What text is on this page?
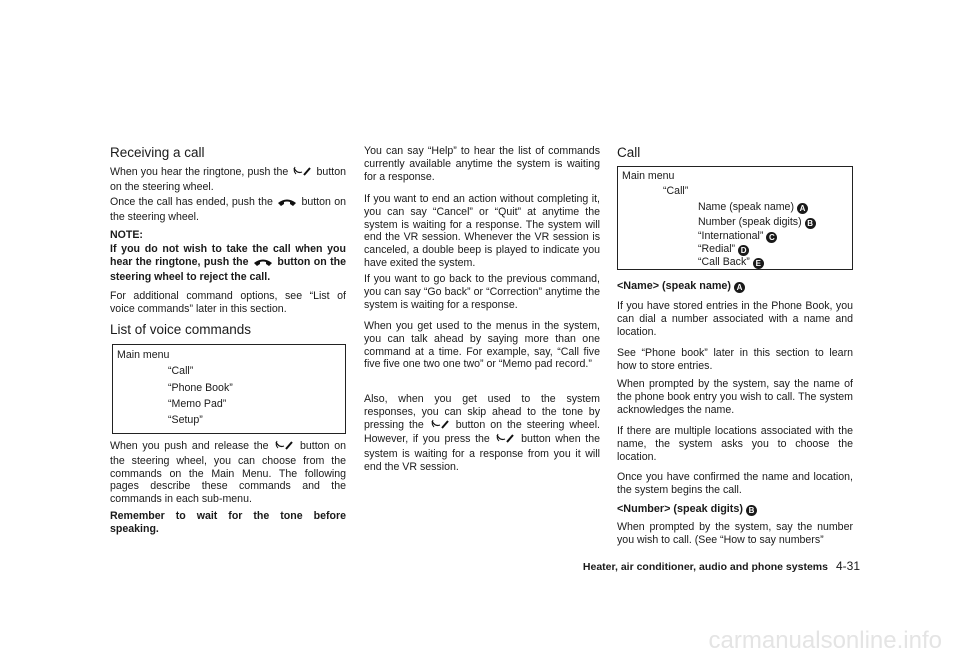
Receiving a call

When you hear the ringtone, push the	button on the steering wheel.

Once the call has ended, push the	button on the steering wheel.

NOTE:

If you do not wish to take the call when you hear the ringtone, push the	button on the steering wheel to reject the call.

For additional command options, see “List of voice commands” later in this section.

List of voice commands
Main menu
“Call”
“Phone Book”
“Memo Pad”
“Setup”

When you push and release the	button on the steering wheel, you can choose from the commands on the Main Menu. The following pages describe these commands and the commands in each sub-menu.

Remember to wait for the tone before speaking.

You can say “Help” to hear the list of commands currently available anytime the system is waiting for a response.

If you want to end an action without completing it, you can say “Cancel” or “Quit” at anytime the system is waiting for a response. The system will end the VR session. Whenever the VR session is canceled, a double beep is played to indicate you have exited the system.

If you want to go back to the previous command, you can say “Go back” or “Correction” anytime the system is waiting for a response.

When you get used to the menus in the system, you can talk ahead by saying more than one command at a time. For example, say, “Call five five five one two one two” or “Memo pad record.”

Also, when you get used to the system responses, you can skip ahead to the tone by pressing the	button on the steering wheel. However, if you press the	button when the system is waiting for a response from you it will end the VR session.

Call
Main menu
“Call”
Name (speak name) A
Number (speak digits) B
“International” C
“Redial” D
“Call Back” E
<Name> (speak name) A

If you have stored entries in the Phone Book, you can dial a number associated with a name and location.

See “Phone book” later in this section to learn how to store entries.

When prompted by the system, say the name of the phone book entry you wish to call. The system acknowledges the name.

If there are multiple locations associated with the name, the system asks you to choose the location.

Once you have confirmed the name and location, the system begins the call.

<Number> (speak digits) B

When prompted by the system, say the number you wish to call. (See “How to say numbers”

Heater, air conditioner, audio and phone systems 4-31
carmanualsonline.info
